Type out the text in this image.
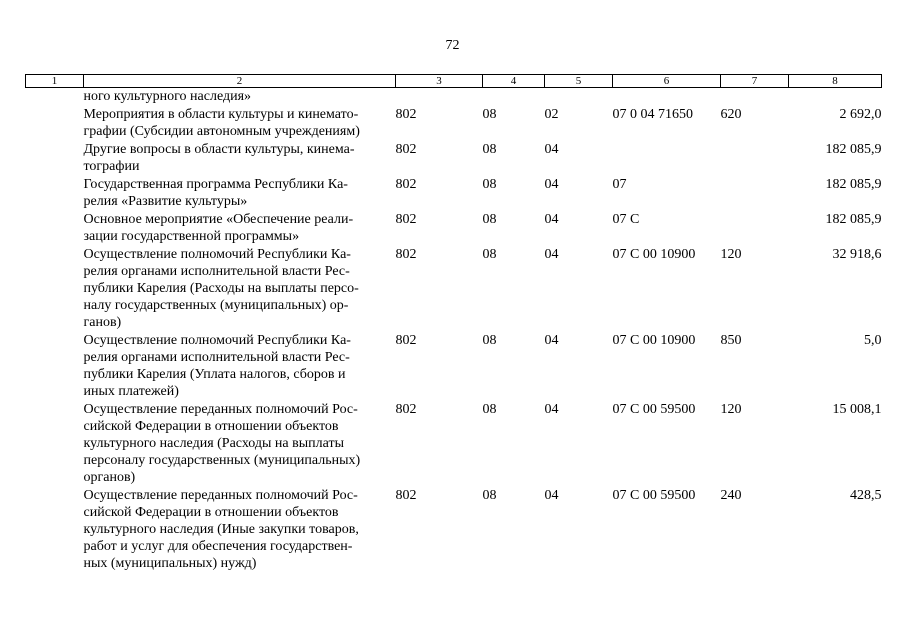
72
1	2	3	4	5	6	7	8
	ного культурного наследия»						
	Мероприятия в области культуры и кинемато-
графии (Субсидии автономным учреждениям)	802	08	02	07 0 04 71650	620	2 692,0
	Другие вопросы в области культуры, кинема-
тографии	802	08	04			182 085,9
	Государственная программа Республики Ка-
релия «Развитие культуры»	802	08	04	07		182 085,9
	Основное мероприятие «Обеспечение реали-
зации государственной программы»	802	08	04	07 С		182 085,9
	Осуществление полномочий Республики Ка-
релия органами исполнительной власти Рес-
публики Карелия (Расходы на выплаты персо-
налу государственных (муниципальных) ор-
ганов)	802	08	04	07 С 00 10900	120	32 918,6
	Осуществление полномочий Республики Ка-
релия органами исполнительной власти Рес-
публики Карелия (Уплата налогов, сборов и
иных платежей)	802	08	04	07 С 00 10900	850	5,0
	Осуществление переданных полномочий Рос-
сийской Федерации в отношении объектов
культурного наследия (Расходы на выплаты
персоналу государственных (муниципальных)
органов)	802	08	04	07 С 00 59500	120	15 008,1
	Осуществление переданных полномочий Рос-
сийской Федерации в отношении объектов
культурного наследия (Иные закупки товаров,
работ и услуг для обеспечения государствен-
ных (муниципальных) нужд)	802	08	04	07 С 00 59500	240	428,5
